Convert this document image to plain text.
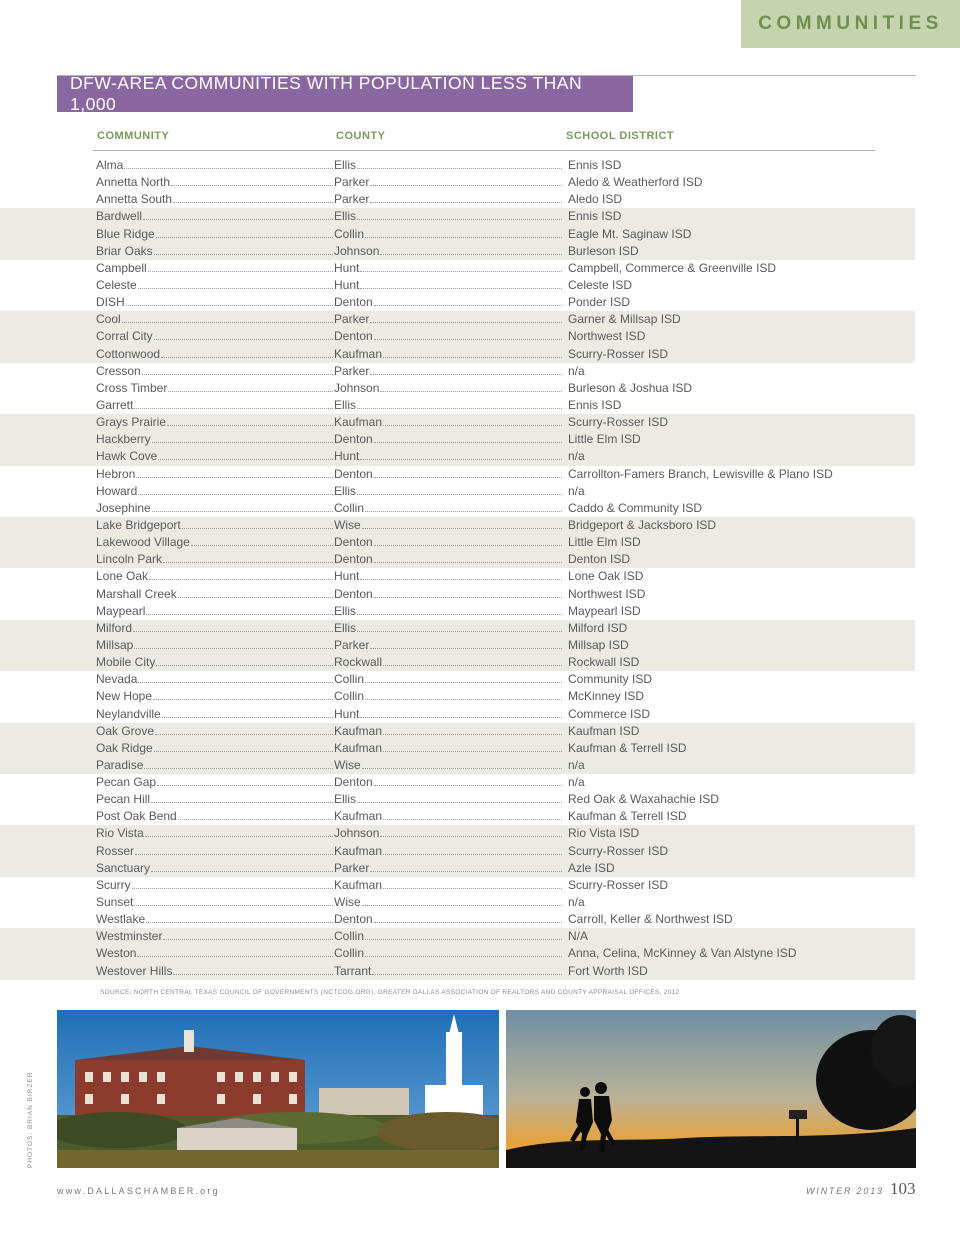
COMMUNITIES
DFW-AREA COMMUNITIES WITH POPULATION LESS THAN 1,000
COMMUNITY	COUNTY	SCHOOL DISTRICT
Alma	Ellis	Ennis ISD
Annetta North	Parker	Aledo & Weatherford ISD
Annetta South	Parker	Aledo ISD
Bardwell	Ellis	Ennis ISD
Blue Ridge	Collin	Eagle Mt. Saginaw ISD
Briar Oaks	Johnson	Burleson ISD
Campbell	Hunt	Campbell, Commerce & Greenville ISD
Celeste	Hunt	Celeste ISD
DISH	Denton	Ponder ISD
Cool	Parker	Garner & Millsap ISD
Corral City	Denton	Northwest ISD
Cottonwood	Kaufman	Scurry-Rosser ISD
Cresson	Parker	n/a
Cross Timber	Johnson	Burleson & Joshua ISD
Garrett	Ellis	Ennis ISD
Grays Prairie	Kaufman	Scurry-Rosser ISD
Hackberry	Denton	Little Elm ISD
Hawk Cove	Hunt	n/a
Hebron	Denton	Carrollton-Famers Branch, Lewisville & Plano ISD
Howard	Ellis	n/a
Josephine	Collin	Caddo & Community ISD
Lake Bridgeport	Wise	Bridgeport & Jacksboro ISD
Lakewood Village	Denton	Little Elm ISD
Lincoln Park	Denton	Denton ISD
Lone Oak	Hunt	Lone Oak ISD
Marshall Creek	Denton	Northwest ISD
Maypearl	Ellis	Maypearl ISD
Milford	Ellis	Milford ISD
Millsap	Parker	Millsap ISD
Mobile City	Rockwall	Rockwall ISD
Nevada	Collin	Community ISD
New Hope	Collin	McKinney ISD
Neylandville	Hunt	Commerce ISD
Oak Grove	Kaufman	Kaufman ISD
Oak Ridge	Kaufman	Kaufman & Terrell ISD
Paradise	Wise	n/a
Pecan Gap	Denton	n/a
Pecan Hill	Ellis	Red Oak & Waxahachie ISD
Post Oak Bend	Kaufman	Kaufman & Terrell ISD
Rio Vista	Johnson	Rio Vista ISD
Rosser	Kaufman	Scurry-Rosser ISD
Sanctuary	Parker	Azle ISD
Scurry	Kaufman	Scurry-Rosser ISD
Sunset	Wise	n/a
Westlake	Denton	Carroll, Keller & Northwest ISD
Westminster	Collin	N/A
Weston	Collin	Anna, Celina, McKinney & Van Alstyne ISD
Westover Hills	Tarrant	Fort Worth ISD
SOURCE: NORTH CENTRAL TEXAS COUNCIL OF GOVERNMENTS (NCTCOG.ORG), GREATER DALLAS ASSOCIATION OF REALTORS AND COUNTY APPRAISAL OFFICES, 2012
PHOTOS: BRIAN BIRZER
www.DALLASCHAMBER.org	WINTER 2013 103
